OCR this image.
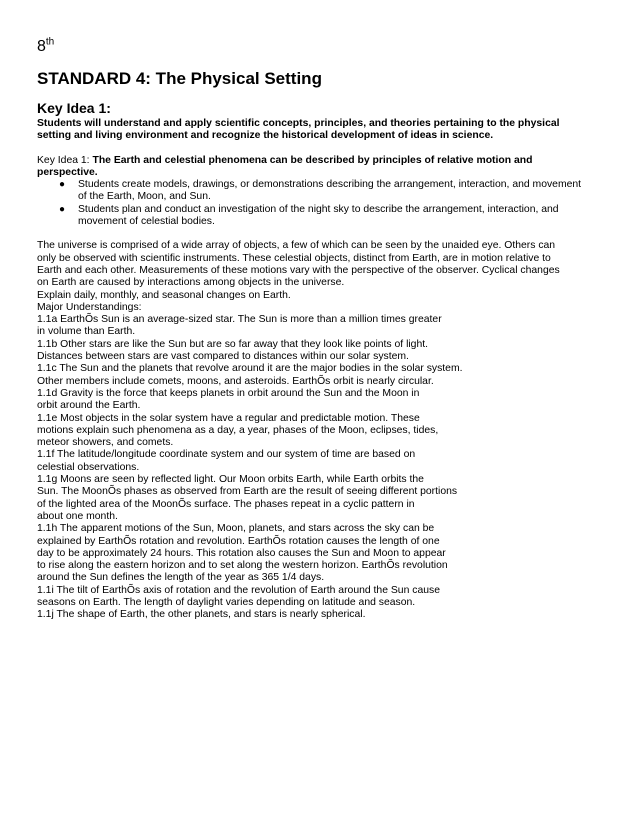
8th

STANDARD 4: The Physical Setting
Key Idea 1:

Students will understand and apply scientific concepts, principles, and theories pertaining to the physical
setting and living environment and recognize the historical development of ideas in science.

Key Idea 1: The Earth and celestial phenomena can be described by principles of relative motion and
perspective.

● Students create models, drawings, or demonstrations describing the arrangement, interaction, and movement
of the Earth, Moon, and Sun.
● Students plan and conduct an investigation of the night sky to describe the arrangement, interaction, and
movement of celestial bodies.

The universe is comprised of a wide array of objects, a few of which can be seen by the unaided eye. Others can
only be observed with scientific instruments. These celestial objects, distinct from Earth, are in motion relative to
Earth and each other. Measurements of these motions vary with the perspective of the observer. Cyclical changes
on Earth are caused by interactions among objects in the universe.
Explain daily, monthly, and seasonal changes on Earth.
Major Understandings:
1.1a EarthÕs Sun is an average-sized star. The Sun is more than a million times greater
in volume than Earth.
1.1b Other stars are like the Sun but are so far away that they look like points of light.
Distances between stars are vast compared to distances within our solar system.
1.1c The Sun and the planets that revolve around it are the major bodies in the solar system.
Other members include comets, moons, and asteroids. EarthÕs orbit is nearly circular.
1.1d Gravity is the force that keeps planets in orbit around the Sun and the Moon in
orbit around the Earth.
1.1e Most objects in the solar system have a regular and predictable motion. These
motions explain such phenomena as a day, a year, phases of the Moon, eclipses, tides,
meteor showers, and comets.
1.1f The latitude/longitude coordinate system and our system of time are based on
celestial observations.
1.1g Moons are seen by reflected light. Our Moon orbits Earth, while Earth orbits the
Sun. The MoonÕs phases as observed from Earth are the result of seeing different portions
of the lighted area of the MoonÕs surface. The phases repeat in a cyclic pattern in
about one month.
1.1h The apparent motions of the Sun, Moon, planets, and stars across the sky can be
explained by EarthÕs rotation and revolution. EarthÕs rotation causes the length of one
day to be approximately 24 hours. This rotation also causes the Sun and Moon to appear
to rise along the eastern horizon and to set along the western horizon. EarthÕs revolution
around the Sun defines the length of the year as 365 1/4 days.
1.1i The tilt of EarthÕs axis of rotation and the revolution of Earth around the Sun cause
seasons on Earth. The length of daylight varies depending on latitude and season.
1.1j The shape of Earth, the other planets, and stars is nearly spherical.
